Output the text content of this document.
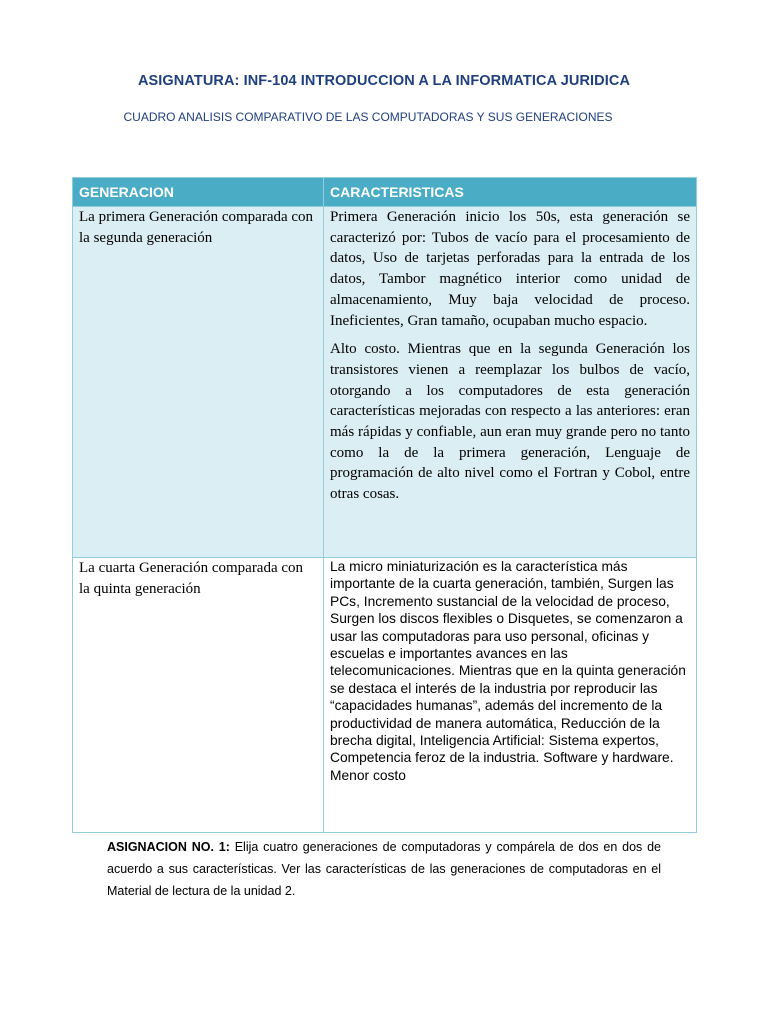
ASIGNATURA: INF-104 INTRODUCCION A LA INFORMATICA JURIDICA
CUADRO ANALISIS COMPARATIVO DE LAS COMPUTADORAS Y SUS GENERACIONES
GENERACION	CARACTERISTICAS
La primera Generación comparada con la segunda generación	Primera Generación inicio los 50s, esta generación se caracterizó por: Tubos de vacío para el procesamiento de datos, Uso de tarjetas perforadas para la entrada de los datos, Tambor magnético interior como unidad de almacenamiento, Muy baja velocidad de proceso. Ineficientes, Gran tamaño, ocupaban mucho espacio.

Alto costo. Mientras que en la segunda Generación los transistores vienen a reemplazar los bulbos de vacío, otorgando a los computadores de esta generación características mejoradas con respecto a las anteriores: eran más rápidas y confiable, aun eran muy grande pero no tanto como la de la primera generación, Lenguaje de programación de alto nivel como el Fortran y Cobol, entre otras cosas.

La cuarta Generación comparada con la quinta generación	La micro miniaturización es la característica más importante de la cuarta generación, también, Surgen las PCs, Incremento sustancial de la velocidad de proceso, Surgen los discos flexibles o Disquetes, se comenzaron a usar las computadoras para uso personal, oficinas y escuelas e importantes avances en las telecomunicaciones. Mientras que en la quinta generación se destaca el interés de la industria por reproducir las “capacidades humanas”, además del incremento de la productividad de manera automática, Reducción de la brecha digital, Inteligencia Artificial: Sistema expertos, Competencia feroz de la industria. Software y hardware. Menor costo
ASIGNACION NO. 1: Elija cuatro generaciones de computadoras y compárela de dos en dos de acuerdo a sus características. Ver las características de las generaciones de computadoras en el Material de lectura de la unidad 2.
